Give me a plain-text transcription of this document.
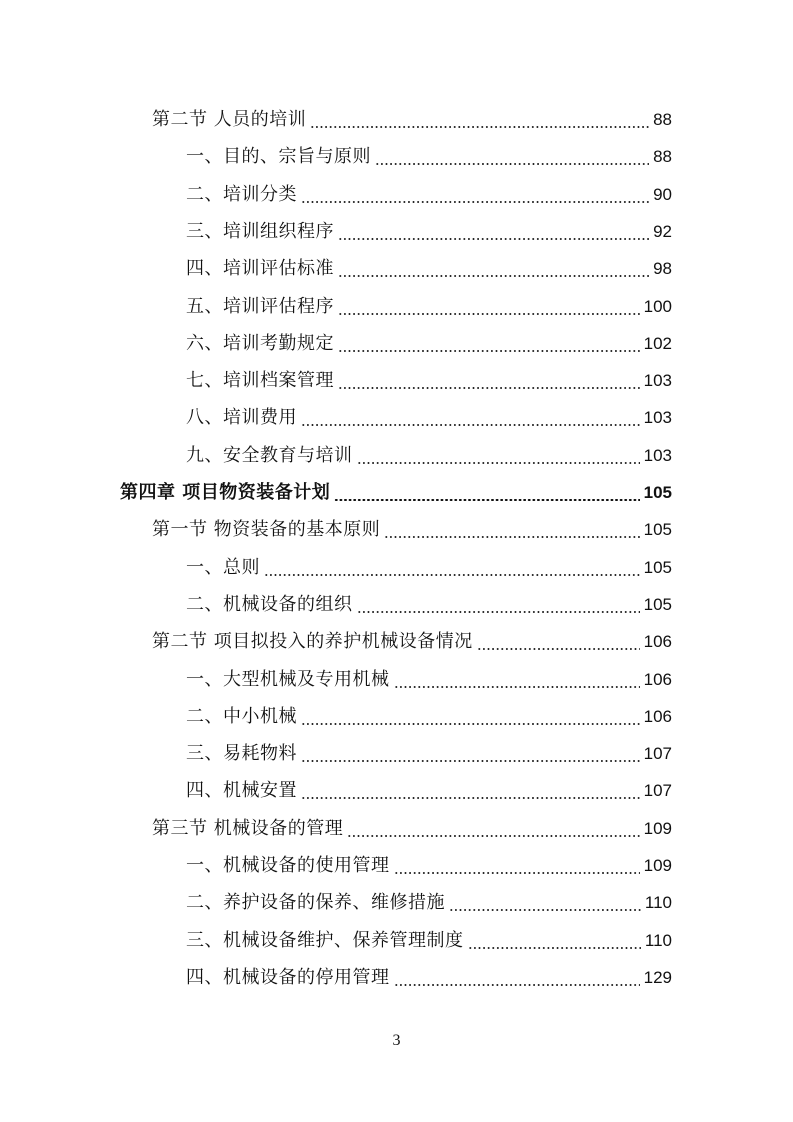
第二节 人员的培训	88
一、目的、宗旨与原则	88
二、培训分类	90
三、培训组织程序	92
四、培训评估标准	98
五、培训评估程序	100
六、培训考勤规定	102
七、培训档案管理	103
八、培训费用	103
九、安全教育与培训	103
第四章 项目物资装备计划	105
第一节 物资装备的基本原则	105
一、总则	105
二、机械设备的组织	105
第二节 项目拟投入的养护机械设备情况	106
一、大型机械及专用机械	106
二、中小机械	106
三、易耗物料	107
四、机械安置	107
第三节 机械设备的管理	109
一、机械设备的使用管理	109
二、养护设备的保养、维修措施	110
三、机械设备维护、保养管理制度	110
四、机械设备的停用管理	129
3
